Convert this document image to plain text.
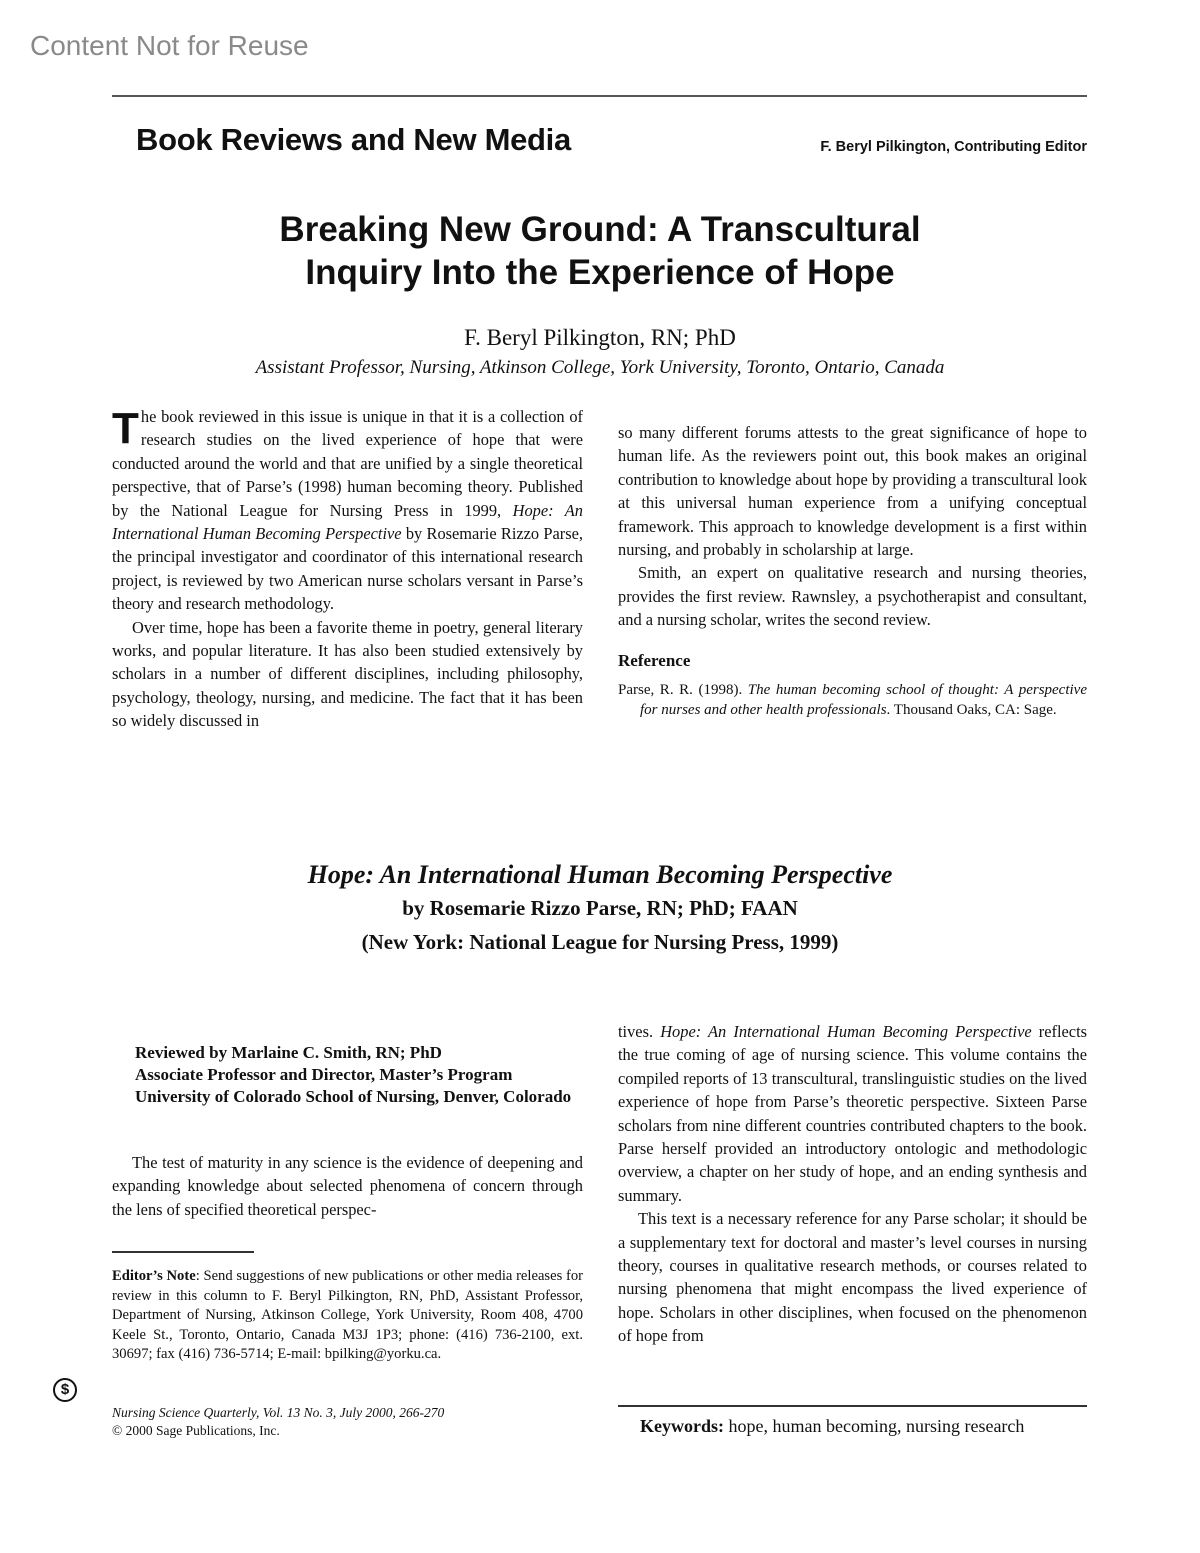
Content Not for Reuse
Book Reviews and New Media	F. Beryl Pilkington, Contributing Editor
Breaking New Ground: A Transcultural
Inquiry Into the Experience of Hope
F. Beryl Pilkington, RN; PhD
Assistant Professor, Nursing, Atkinson College, York University, Toronto, Ontario, Canada

The book reviewed in this issue is unique in that it is a collection of research studies on the lived experience of hope that were conducted around the world and that are unified by a single theoretical perspective, that of Parse’s (1998) human becoming theory. Published by the National League for Nursing Press in 1999, Hope: An International Human Becoming Perspective by Rosemarie Rizzo Parse, the principal investigator and coordinator of this international research project, is reviewed by two American nurse scholars versant in Parse’s theory and research methodology.

Over time, hope has been a favorite theme in poetry, general literary works, and popular literature. It has also been studied extensively by scholars in a number of different disciplines, including philosophy, psychology, theology, nursing, and medicine. The fact that it has been so widely discussed in

so many different forums attests to the great significance of hope to human life. As the reviewers point out, this book makes an original contribution to knowledge about hope by providing a transcultural look at this universal human experience from a unifying conceptual framework. This approach to knowledge development is a first within nursing, and probably in scholarship at large.

Smith, an expert on qualitative research and nursing theories, provides the first review. Rawnsley, a psychotherapist and consultant, and a nursing scholar, writes the second review.

Reference
Parse, R. R. (1998). The human becoming school of thought: A perspective for nurses and other health professionals. Thousand Oaks, CA: Sage.
Hope: An International Human Becoming Perspective
by Rosemarie Rizzo Parse, RN; PhD; FAAN
(New York: National League for Nursing Press, 1999)
Reviewed by Marlaine C. Smith, RN; PhD
Associate Professor and Director, Master’s Program
University of Colorado School of Nursing, Denver, Colorado

The test of maturity in any science is the evidence of deepening and expanding knowledge about selected phenomena of concern through the lens of specified theoretical perspec-

tives. Hope: An International Human Becoming Perspective reflects the true coming of age of nursing science. This volume contains the compiled reports of 13 transcultural, translinguistic studies on the lived experience of hope from Parse’s theoretic perspective. Sixteen Parse scholars from nine different countries contributed chapters to the book. Parse herself provided an introductory ontologic and methodologic overview, a chapter on her study of hope, and an ending synthesis and summary.

This text is a necessary reference for any Parse scholar; it should be a supplementary text for doctoral and master’s level courses in nursing theory, courses in qualitative research methods, or courses related to nursing phenomena that might encompass the lived experience of hope. Scholars in other disciplines, when focused on the phenomenon of hope from

Editor’s Note: Send suggestions of new publications or other media releases for review in this column to F. Beryl Pilkington, RN, PhD, Assistant Professor, Department of Nursing, Atkinson College, York University, Room 408, 4700 Keele St., Toronto, Ontario, Canada M3J 1P3; phone: (416) 736-2100, ext. 30697; fax (416) 736-5714; E-mail: bpilking@yorku.ca.
$
Nursing Science Quarterly, Vol. 13 No. 3, July 2000, 266-270
© 2000 Sage Publications, Inc.	Keywords: hope, human becoming, nursing research
